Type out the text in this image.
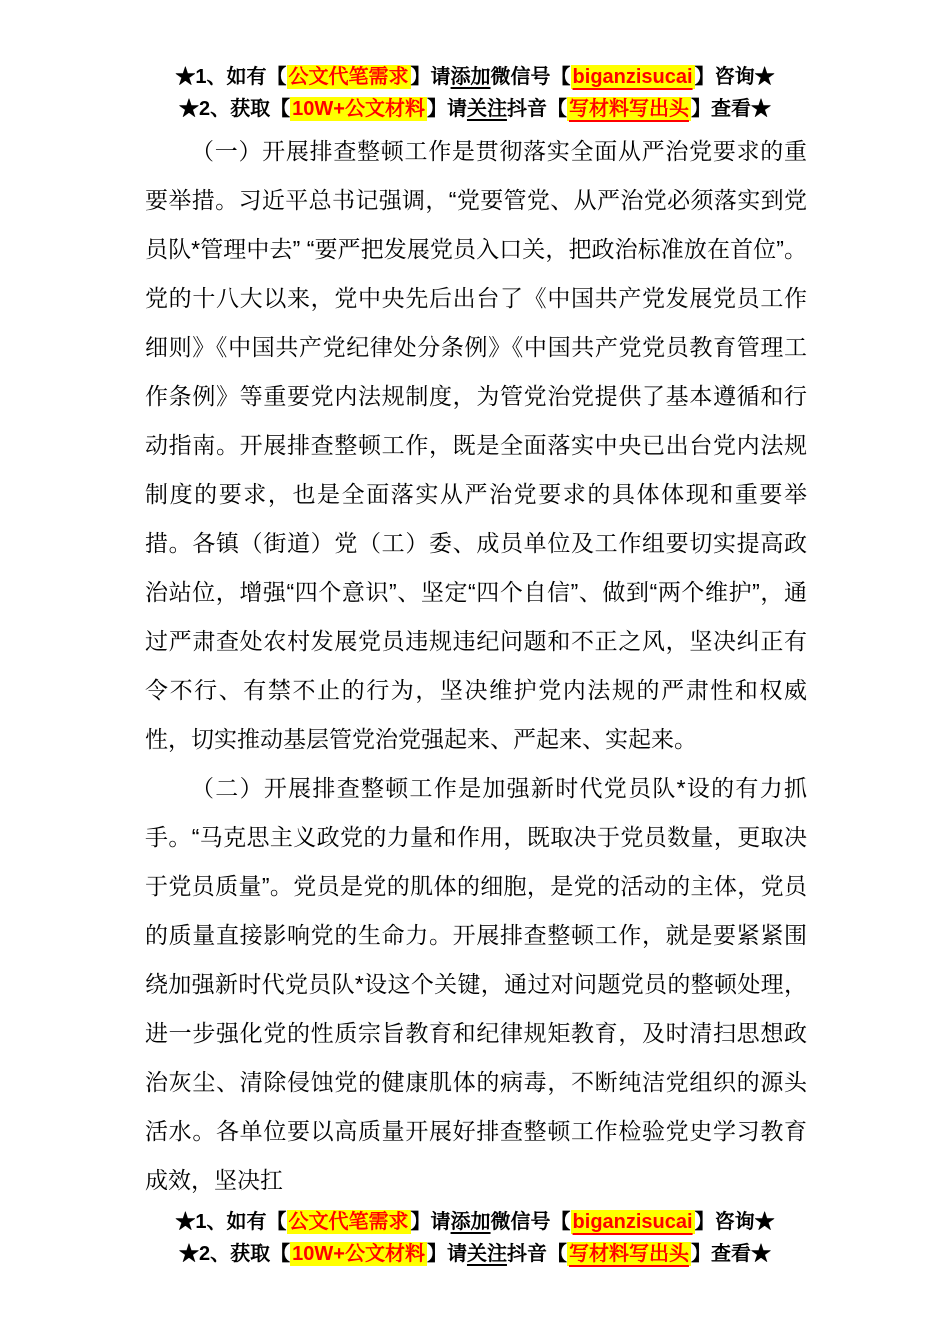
★1、如有【 公文代笔需求 】请添加微信号【 biganzisucai 】咨询★
★2、获取【 10W+公文材料 】请关注抖音【 写材料写出头 】查看★

（一）开展排查整顿工作是贯彻落实全面从严治党要求的重要举措。习近平总书记强调，“党要管党、从严治党必须落实到党员队*管理中去” “要严把发展党员入口关，把政治标准放在首位”。党的十八大以来，党中央先后出台了《中国共产党发展党员工作细则》《中国共产党纪律处分条例》《中国共产党党员教育管理工作条例》等重要党内法规制度，为管党治党提供了基本遵循和行动指南。开展排查整顿工作，既是全面落实中央已出台党内法规制度的要求，也是全面落实从严治党要求的具体体现和重要举措。各镇（街道）党（工）委、成员单位及工作组要切实提高政治站位，增强“四个意识”、坚定“四个自信”、做到“两个维护”，通过严肃查处农村发展党员违规违纪问题和不正之风，坚决纠正有令不行、有禁不止的行为，坚决维护党内法规的严肃性和权威性，切实推动基层管党治党强起来、严起来、实起来。

（二）开展排查整顿工作是加强新时代党员队*设的有力抓手。“马克思主义政党的力量和作用，既取决于党员数量，更取决于党员质量”。党员是党的肌体的细胞，是党的活动的主体，党员的质量直接影响党的生命力。开展排查整顿工作，就是要紧紧围绕加强新时代党员队*设这个关键，通过对问题党员的整顿处理，进一步强化党的性质宗旨教育和纪律规矩教育，及时清扫思想政治灰尘、清除侵蚀党的健康肌体的病毒，不断纯洁党组织的源头活水。各单位要以高质量开展好排查整顿工作检验党史学习教育成效，坚决扛

★1、如有【 公文代笔需求 】请添加微信号【 biganzisucai 】咨询★
★2、获取【 10W+公文材料 】请关注抖音【 写材料写出头 】查看★
